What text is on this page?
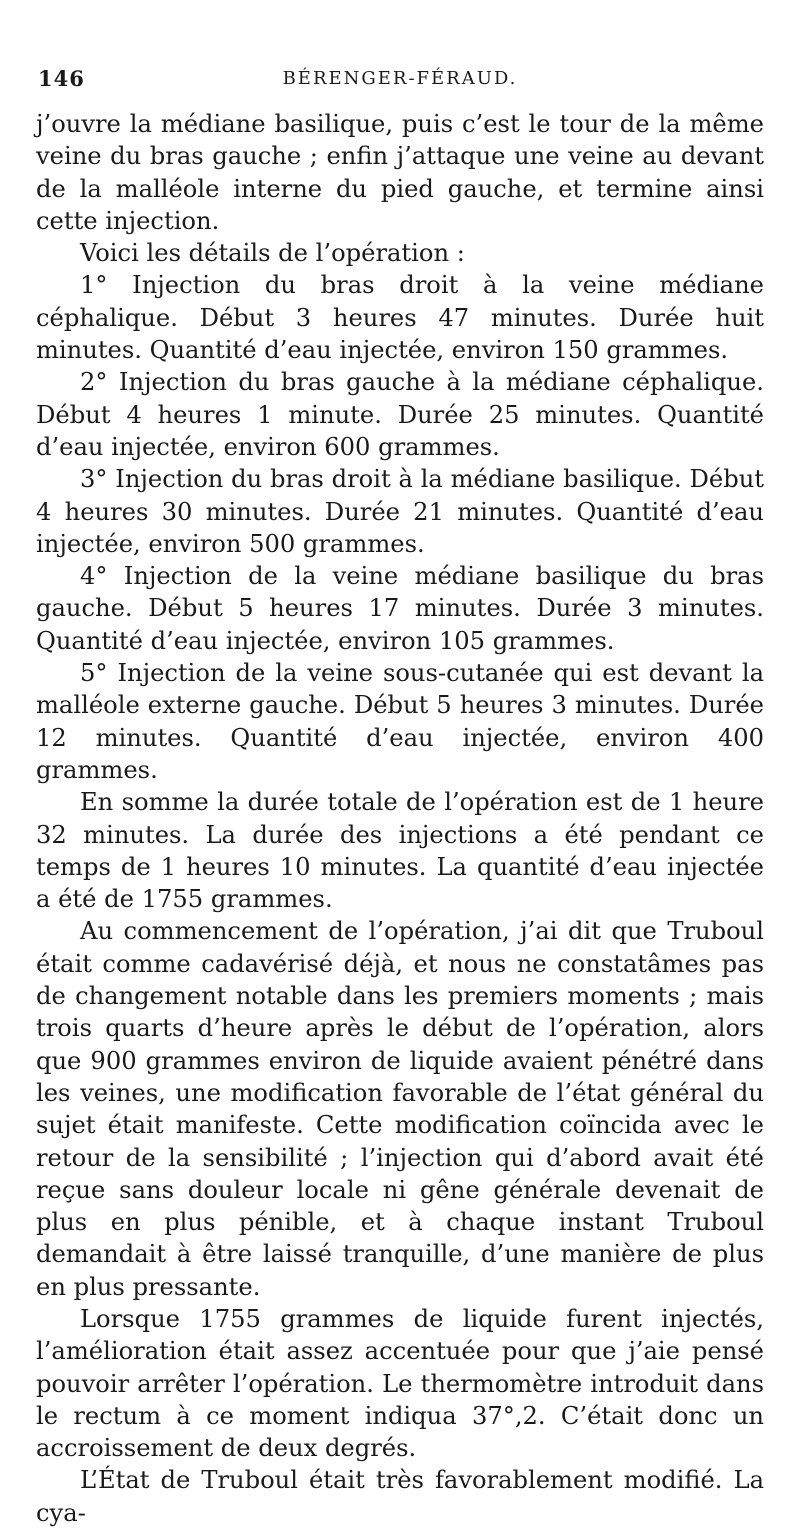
146	BÉRENGER-FÉRAUD.

j’ouvre la médiane basilique, puis c’est le tour de la même veine du bras gauche ; enfin j’attaque une veine au devant de la malléole interne du pied gauche, et termine ainsi cette injection.

Voici les détails de l’opération :

1° Injection du bras droit à la veine médiane céphalique. Début 3 heures 47 minutes. Durée huit minutes. Quantité d’eau injectée, environ 150 grammes.

2° Injection du bras gauche à la médiane céphalique. Début 4 heures 1 minute. Durée 25 minutes. Quantité d’eau injectée, environ 600 grammes.

3° Injection du bras droit à la médiane basilique. Début 4 heures 30 minutes. Durée 21 minutes. Quantité d’eau injectée, environ 500 grammes.

4° Injection de la veine médiane basilique du bras gauche. Début 5 heures 17 minutes. Durée 3 minutes. Quantité d’eau injectée, environ 105 grammes.

5° Injection de la veine sous-cutanée qui est devant la malléole externe gauche. Début 5 heures 3 minutes. Durée 12 minutes. Quantité d’eau injectée, environ 400 grammes.

En somme la durée totale de l’opération est de 1 heure 32 minutes. La durée des injections a été pendant ce temps de 1 heures 10 minutes. La quantité d’eau injectée a été de 1755 grammes.

Au commencement de l’opération, j’ai dit que Truboul était comme cadavérisé déjà, et nous ne constatâmes pas de changement notable dans les premiers moments ; mais trois quarts d’heure après le début de l’opération, alors que 900 grammes environ de liquide avaient pénétré dans les veines, une modification favorable de l’état général du sujet était manifeste. Cette modification coïncida avec le retour de la sensibilité ; l’injection qui d’abord avait été reçue sans douleur locale ni gêne générale devenait de plus en plus pénible, et à chaque instant Truboul demandait à être laissé tranquille, d’une manière de plus en plus pressante.

Lorsque 1755 grammes de liquide furent injectés, l’amélioration était assez accentuée pour que j’aie pensé pouvoir arrêter l’opération. Le thermomètre introduit dans le rectum à ce moment indiqua 37°,2. C’était donc un accroissement de deux degrés.

L’État de Truboul était très favorablement modifié. La cya-
